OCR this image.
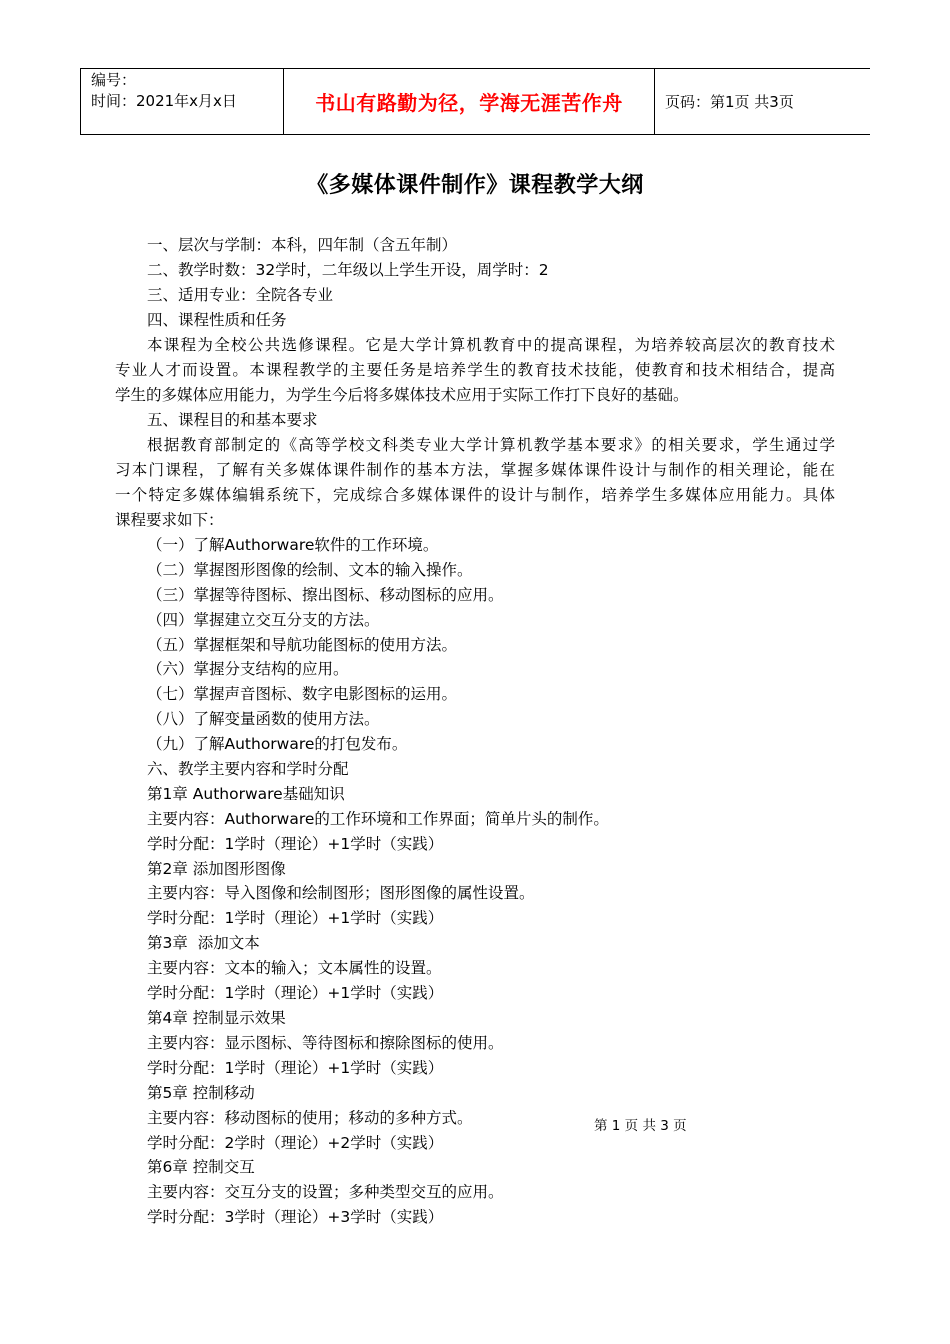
编号：
时间：2021年x月x日	书山有路勤为径，学海无涯苦作舟	页码：第1页 共3页
《多媒体课件制作》课程教学大纲
一、层次与学制：本科，四年制（含五年制）
二、教学时数：32学时，二年级以上学生开设，周学时：2
三、适用专业：全院各专业
四、课程性质和任务
本课程为全校公共选修课程。它是大学计算机教育中的提高课程，为培养较高层次的教育技术
专业人才而设置。本课程教学的主要任务是培养学生的教育技术技能，使教育和技术相结合，提高
学生的多媒体应用能力，为学生今后将多媒体技术应用于实际工作打下良好的基础。
五、课程目的和基本要求
根据教育部制定的《高等学校文科类专业大学计算机教学基本要求》的相关要求，学生通过学
习本门课程，了解有关多媒体课件制作的基本方法，掌握多媒体课件设计与制作的相关理论，能在
一个特定多媒体编辑系统下，完成综合多媒体课件的设计与制作，培养学生多媒体应用能力。具体
课程要求如下：
（一）了解Authorware软件的工作环境。
（二）掌握图形图像的绘制、文本的输入操作。
（三）掌握等待图标、擦出图标、移动图标的应用。
（四）掌握建立交互分支的方法。
（五）掌握框架和导航功能图标的使用方法。
（六）掌握分支结构的应用。
（七）掌握声音图标、数字电影图标的运用。
（八）了解变量函数的使用方法。
（九）了解Authorware的打包发布。
六、教学主要内容和学时分配
第1章 Authorware基础知识
主要内容：Authorware的工作环境和工作界面；简单片头的制作。
学时分配：1学时（理论）+1学时（实践）
第2章 添加图形图像
主要内容：导入图像和绘制图形；图形图像的属性设置。
学时分配：1学时（理论）+1学时（实践）
第3章  添加文本
主要内容：文本的输入；文本属性的设置。
学时分配：1学时（理论）+1学时（实践）
第4章 控制显示效果
主要内容：显示图标、等待图标和擦除图标的使用。
学时分配：1学时（理论）+1学时（实践）
第5章 控制移动
主要内容：移动图标的使用；移动的多种方式。
学时分配：2学时（理论）+2学时（实践）
第6章 控制交互
主要内容：交互分支的设置；多种类型交互的应用。
学时分配：3学时（理论）+3学时（实践）
第 1 页 共 3 页
